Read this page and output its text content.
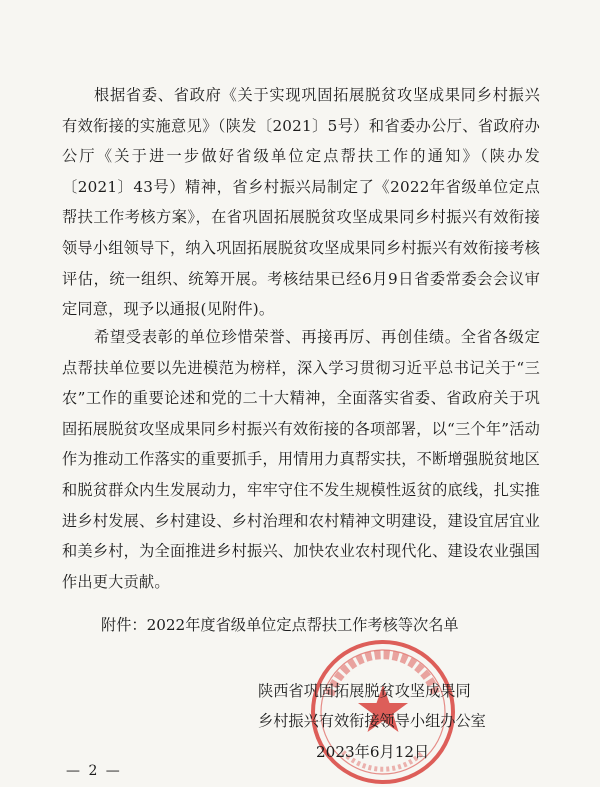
根据省委、省政府《关于实现巩固拓展脱贫攻坚成果同乡村振兴有效衔接的实施意见》（陕发〔2021〕5号）和省委办公厅、省政府办公厅《关于进一步做好省级单位定点帮扶工作的通知》（陕办发〔2021〕43号）精神，省乡村振兴局制定了《2022年省级单位定点帮扶工作考核方案》，在省巩固拓展脱贫攻坚成果同乡村振兴有效衔接领导小组领导下，纳入巩固拓展脱贫攻坚成果同乡村振兴有效衔接考核评估，统一组织、统筹开展。考核结果已经6月9日省委常委会会议审定同意，现予以通报(见附件)。

希望受表彰的单位珍惜荣誉、再接再厉、再创佳绩。全省各级定点帮扶单位要以先进模范为榜样，深入学习贯彻习近平总书记关于“三农”工作的重要论述和党的二十大精神，全面落实省委、省政府关于巩固拓展脱贫攻坚成果同乡村振兴有效衔接的各项部署，以“三个年”活动作为推动工作落实的重要抓手，用情用力真帮实扶，不断增强脱贫地区和脱贫群众内生发展动力，牢牢守住不发生规模性返贫的底线，扎实推进乡村发展、乡村建设、乡村治理和农村精神文明建设，建设宜居宜业和美乡村，为全面推进乡村振兴、加快农业农村现代化、建设农业强国作出更大贡献。

附件：2022年度省级单位定点帮扶工作考核等次名单
陕西省巩固拓展脱贫攻坚成果同
乡村振兴有效衔接领导小组办公室
2023年6月12日
— 2 —
